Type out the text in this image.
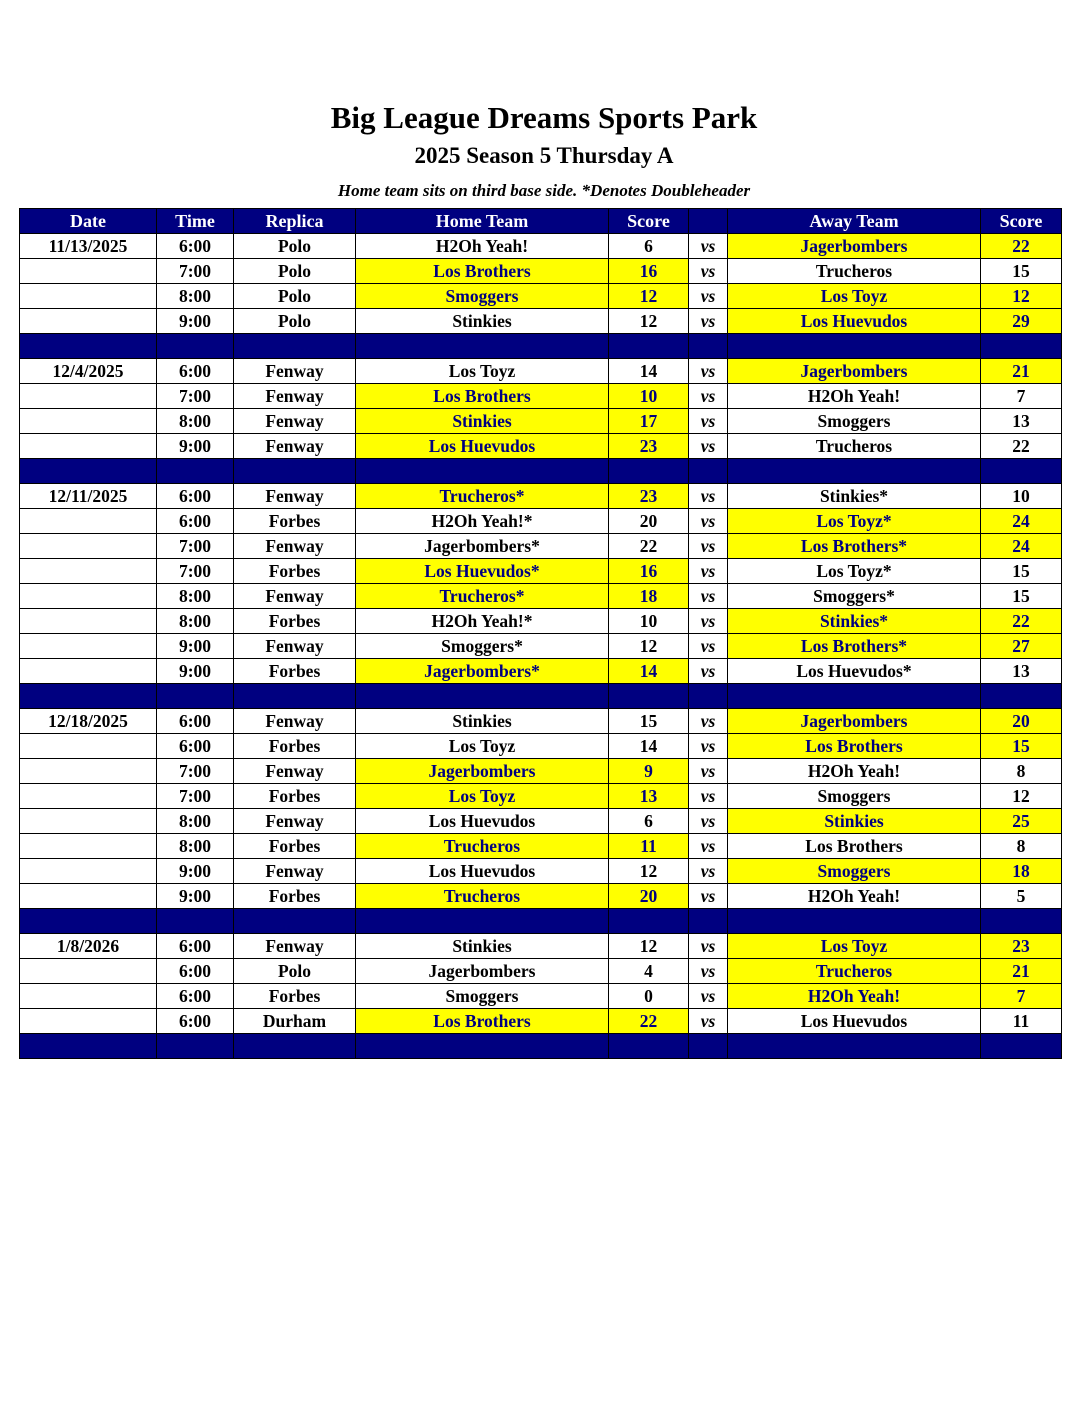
Big League Dreams Sports Park
2025 Season 5 Thursday A
Home team sits on third base side. *Denotes Doubleheader
Date	Time	Replica	Home Team	Score		Away Team	Score
11/13/2025	6:00	Polo	H2Oh Yeah!	6	vs	Jagerbombers	22
	7:00	Polo	Los Brothers	16	vs	Trucheros	15
	8:00	Polo	Smoggers	12	vs	Los Toyz	12
	9:00	Polo	Stinkies	12	vs	Los Huevudos	29

12/4/2025	6:00	Fenway	Los Toyz	14	vs	Jagerbombers	21
	7:00	Fenway	Los Brothers	10	vs	H2Oh Yeah!	7
	8:00	Fenway	Stinkies	17	vs	Smoggers	13
	9:00	Fenway	Los Huevudos	23	vs	Trucheros	22

12/11/2025	6:00	Fenway	Trucheros*	23	vs	Stinkies*	10
	6:00	Forbes	H2Oh Yeah!*	20	vs	Los Toyz*	24
	7:00	Fenway	Jagerbombers*	22	vs	Los Brothers*	24
	7:00	Forbes	Los Huevudos*	16	vs	Los Toyz*	15
	8:00	Fenway	Trucheros*	18	vs	Smoggers*	15
	8:00	Forbes	H2Oh Yeah!*	10	vs	Stinkies*	22
	9:00	Fenway	Smoggers*	12	vs	Los Brothers*	27
	9:00	Forbes	Jagerbombers*	14	vs	Los Huevudos*	13

12/18/2025	6:00	Fenway	Stinkies	15	vs	Jagerbombers	20
	6:00	Forbes	Los Toyz	14	vs	Los Brothers	15
	7:00	Fenway	Jagerbombers	9	vs	H2Oh Yeah!	8
	7:00	Forbes	Los Toyz	13	vs	Smoggers	12
	8:00	Fenway	Los Huevudos	6	vs	Stinkies	25
	8:00	Forbes	Trucheros	11	vs	Los Brothers	8
	9:00	Fenway	Los Huevudos	12	vs	Smoggers	18
	9:00	Forbes	Trucheros	20	vs	H2Oh Yeah!	5

1/8/2026	6:00	Fenway	Stinkies	12	vs	Los Toyz	23
	6:00	Polo	Jagerbombers	4	vs	Trucheros	21
	6:00	Forbes	Smoggers	0	vs	H2Oh Yeah!	7
	6:00	Durham	Los Brothers	22	vs	Los Huevudos	11
